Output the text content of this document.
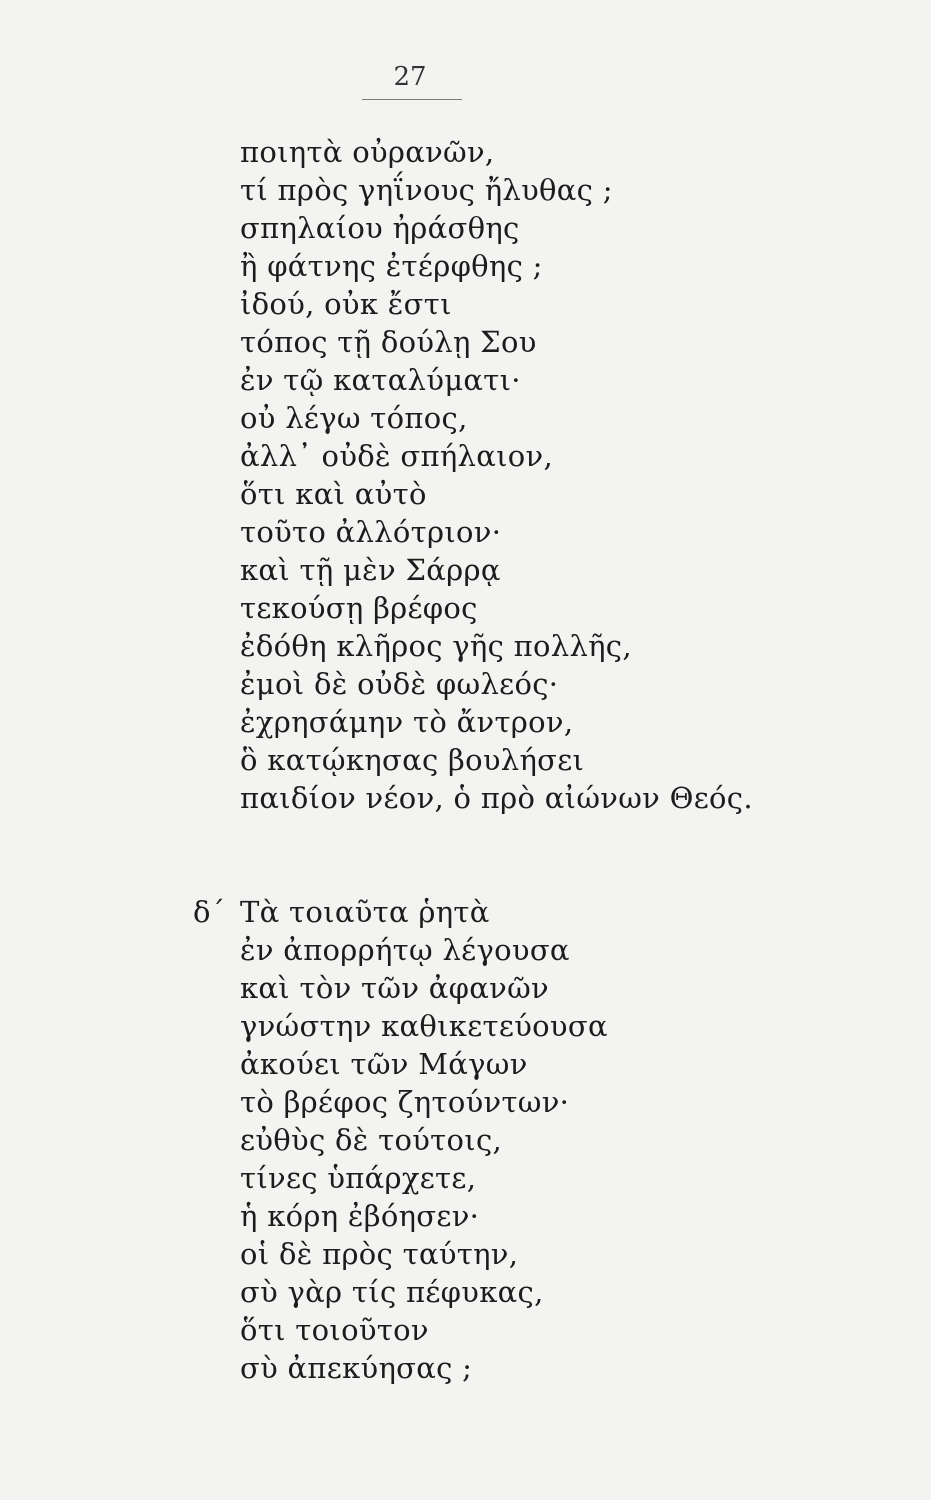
27
ποιητὰ οὐρανῶν,
τί πρὸς γηΐνους ἤλυθας ;
σπηλαίου ἠράσθης
ἢ φάτνης ἐτέρφθης ;
ἰδού, οὐκ ἔστι
τόπος τῇ δούλῃ Σου
ἐν τῷ καταλύματι·
οὐ λέγω τόπος,
ἀλλ᾽ οὐδὲ σπήλαιον,
ὅτι καὶ αὐτὸ
τοῦτο ἀλλότριον·
καὶ τῇ μὲν Σάρρᾳ
τεκούσῃ βρέφος
ἐδόθη κλῆρος γῆς πολλῆς,
ἐμοὶ δὲ οὐδὲ φωλεός·
ἐχρησάμην τὸ ἄντρον,
ὃ κατῴκησας βουλήσει
παιδίον νέον, ὁ πρὸ αἰώνων Θεός.
δ´ Τὰ τοιαῦτα ῥητὰ
ἐν ἀπορρήτῳ λέγουσα
καὶ τὸν τῶν ἀφανῶν
γνώστην καθικετεύουσα
ἀκούει τῶν Μάγων
τὸ βρέφος ζητούντων·
εὐθὺς δὲ τούτοις,
τίνες ὑπάρχετε,
ἡ κόρη ἐβόησεν·
οἱ δὲ πρὸς ταύτην,
σὺ γὰρ τίς πέφυκας,
ὅτι τοιοῦτον
σὺ ἀπεκύησας ;
